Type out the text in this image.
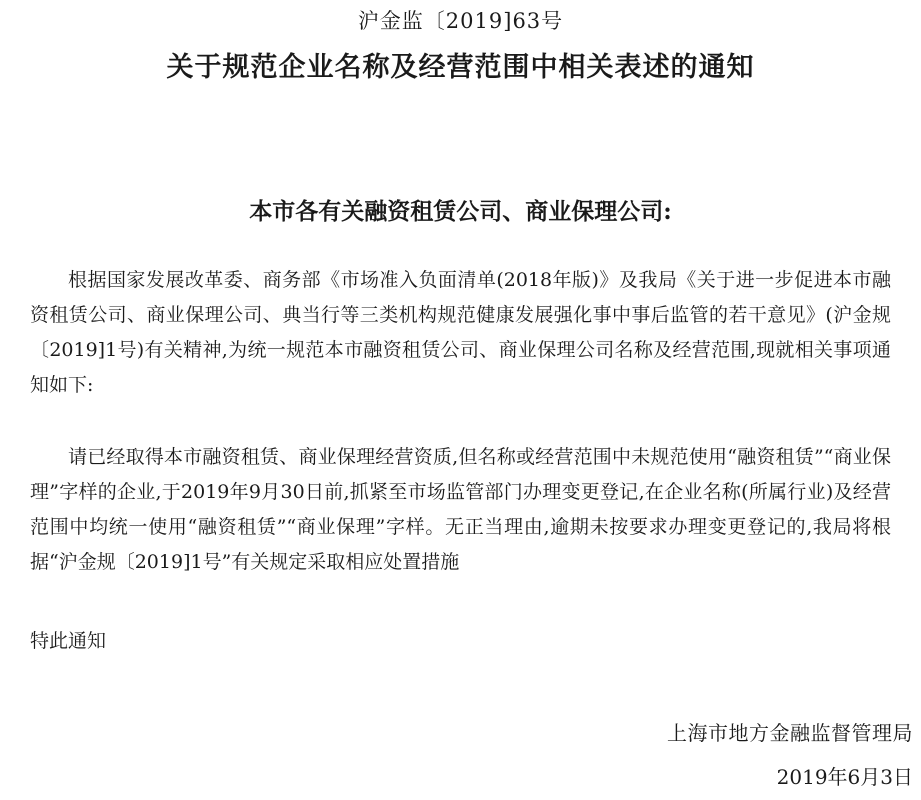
沪金监〔2019]63号
关于规范企业名称及经营范围中相关表述的通知
本市各有关融资租赁公司、商业保理公司:

根据国家发展改革委、商务部《市场准入负面清单(2018年版)》及我局《关于进一步促进本市融资租赁公司、商业保理公司、典当行等三类机构规范健康发展强化事中事后监管的若干意见》(沪金规〔2019]1号)有关精神,为统一规范本市融资租赁公司、商业保理公司名称及经营范围,现就相关事项通知如下:

请已经取得本市融资租赁、商业保理经营资质,但名称或经营范围中未规范使用“融资租赁”“商业保理”字样的企业,于2019年9月30日前,抓紧至市场监管部门办理变更登记,在企业名称(所属行业)及经营范围中均统一使用“融资租赁”“商业保理”字样。无正当理由,逾期未按要求办理变更登记的,我局将根据“沪金规〔2019]1号”有关规定采取相应处置措施

特此通知
上海市地方金融监督管理局
2019年6月3日
